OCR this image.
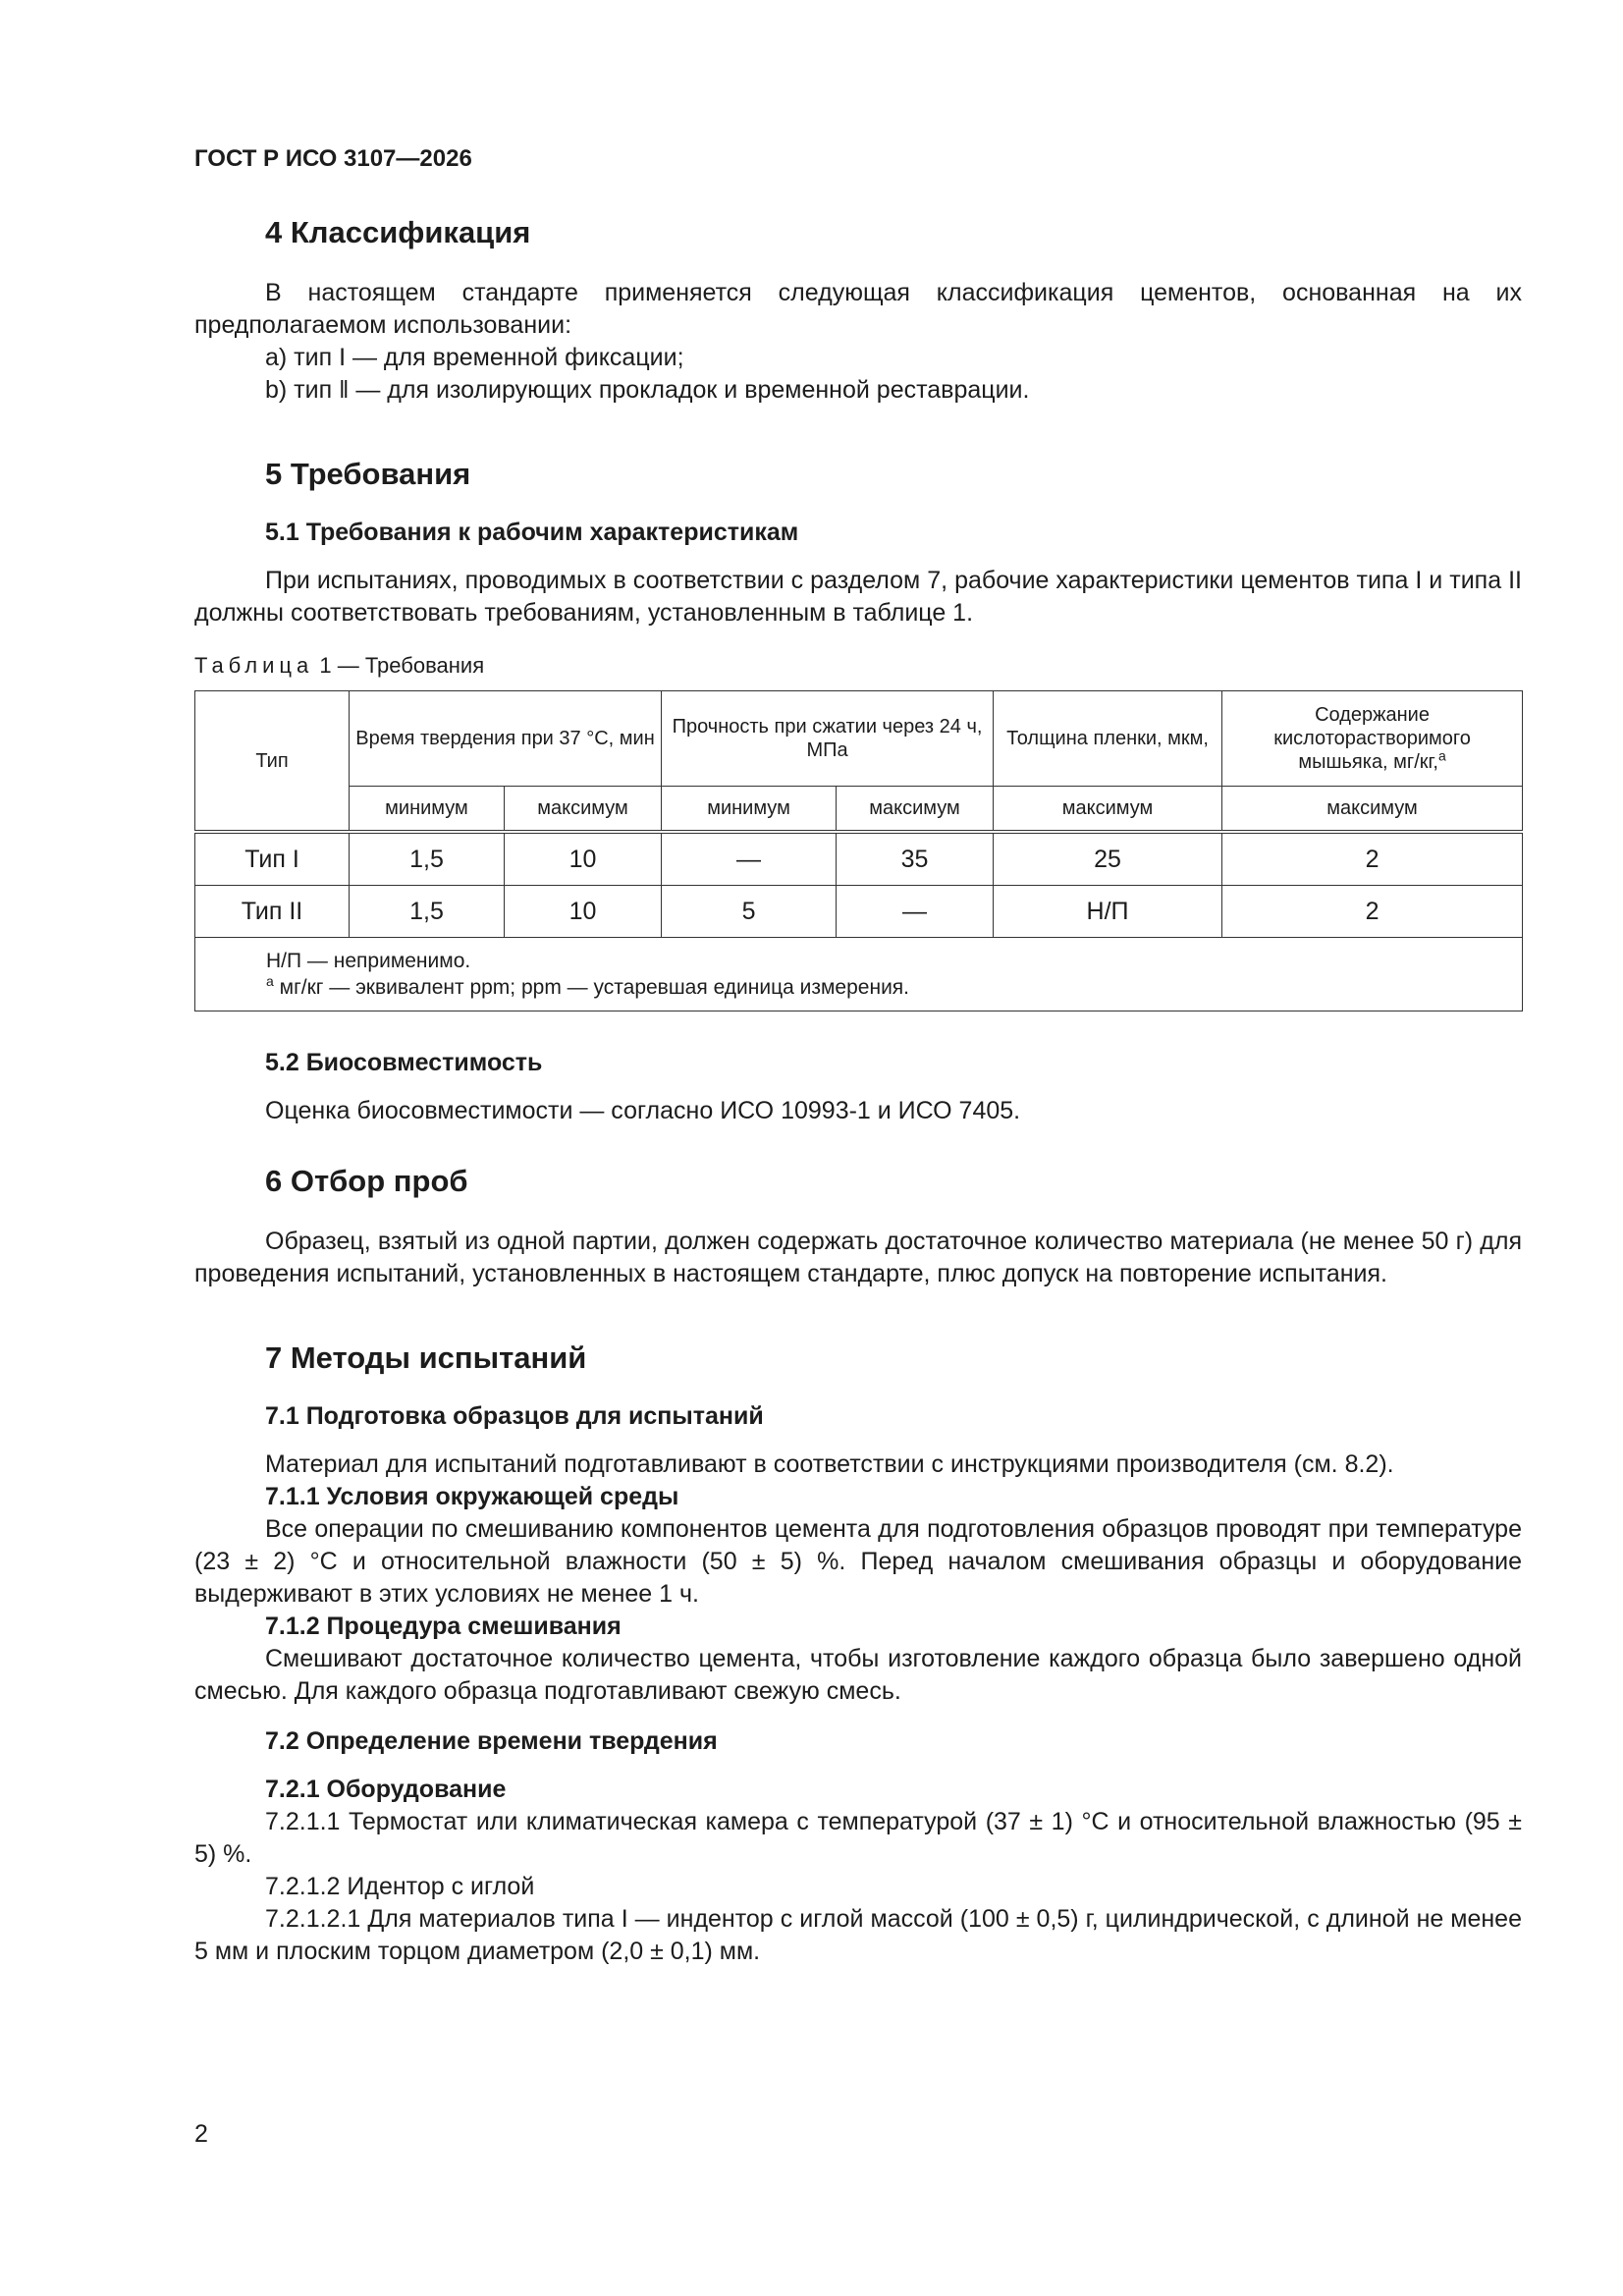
ГОСТ Р ИСО 3107—2026
4 Классификация

В настоящем стандарте применяется следующая классификация цементов, основанная на их предполагаемом использовании:

a) тип I — для временной фиксации;

b) тип ‖ — для изолирующих прокладок и временной реставрации.

5 Требования
5.1 Требования к рабочим характеристикам

При испытаниях, проводимых в соответствии с разделом 7, рабочие характеристики цементов типа I и типа II должны соответствовать требованиям, установленным в таблице 1.

Таблица 1 — Требования
Тип	Время твердения при 37 °C, мин		Прочность при сжатии через 24 ч, МПа		Толщина пленки, мкм,	Содержание кислоторастворимого мышьяка, мг/кг,$^a$
	минимум	максимум	минимум	максимум	максимум	максимум
Тип I	1,5	10	—	35	25	2
Тип II	1,5	10	5	—	Н/П	2

Н/П — неприменимо.
$^a$ мг/кг — эквивалент ppm; ppm — устаревшая единица измерения.						
5.2 Биосовместимость

Оценка биосовместимости — согласно ИСО 10993-1 и ИСО 7405.

6 Отбор проб

Образец, взятый из одной партии, должен содержать достаточное количество материала (не менее 50 г) для проведения испытаний, установленных в настоящем стандарте, плюс допуск на повторение испытания.

7 Методы испытаний
7.1 Подготовка образцов для испытаний

Материал для испытаний подготавливают в соответствии с инструкциями производителя (см. 8.2).

7.1.1 Условия окружающей среды

Все операции по смешиванию компонентов цемента для подготовления образцов проводят при температуре (23 ± 2) °C и относительной влажности (50 ± 5) %. Перед началом смешивания образцы и оборудование выдерживают в этих условиях не менее 1 ч.

7.1.2 Процедура смешивания

Смешивают достаточное количество цемента, чтобы изготовление каждого образца было завершено одной смесью. Для каждого образца подготавливают свежую смесь.

7.2 Определение времени твердения
7.2.1 Оборудование

7.2.1.1 Термостат или климатическая камера с температурой (37 ± 1) °C и относительной влажностью (95 ± 5) %.

7.2.1.2 Идентор с иглой

7.2.1.2.1 Для материалов типа I — индентор с иглой массой (100 ± 0,5) г, цилиндрической, с длиной не менее 5 мм и плоским торцом диаметром (2,0 ± 0,1) мм.

2
